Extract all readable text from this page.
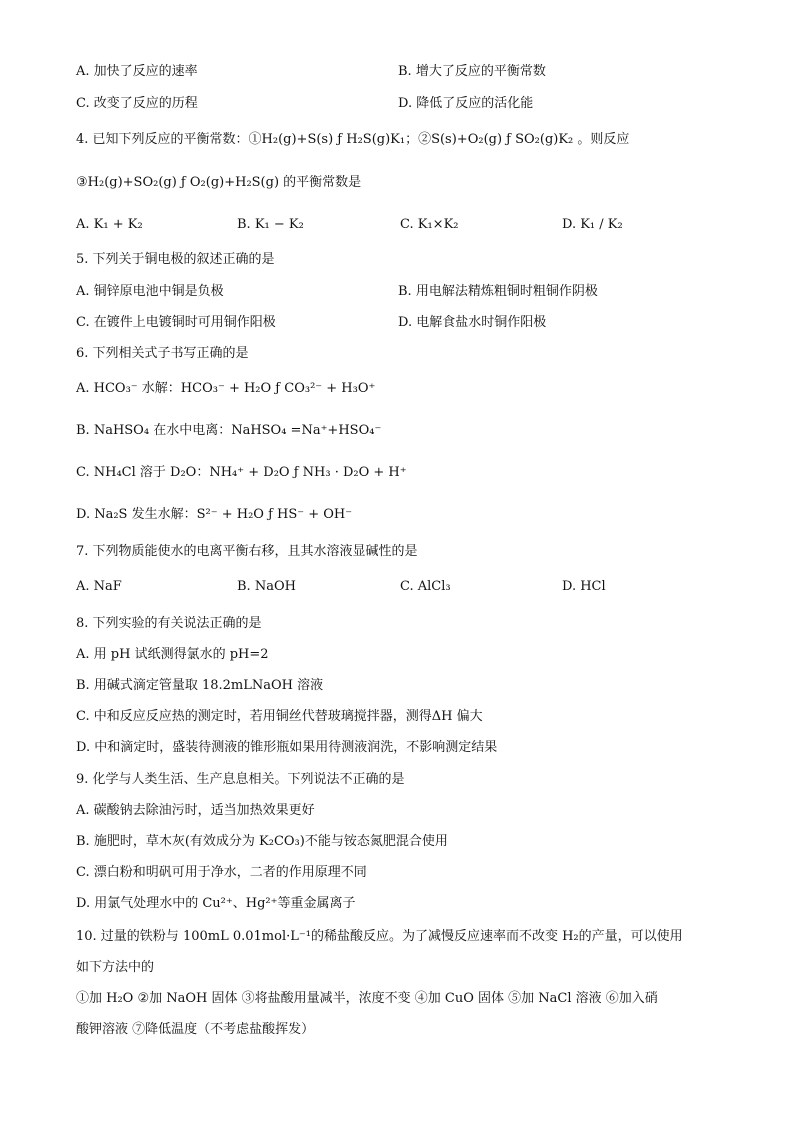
A. 加快了反应的速率	B. 增大了反应的平衡常数
C. 改变了反应的历程	D. 降低了反应的活化能
4. 已知下列反应的平衡常数：①H₂(g)+S(s) ƒ H₂S(g)K₁；②S(s)+O₂(g) ƒ SO₂(g)K₂ 。则反应
③H₂(g)+SO₂(g) ƒ O₂(g)+H₂S(g) 的平衡常数是
A. K₁ + K₂	B. K₁ − K₂	C. K₁×K₂	D. K₁ / K₂
5. 下列关于铜电极的叙述正确的是
A. 铜锌原电池中铜是负极	B. 用电解法精炼粗铜时粗铜作阴极
C. 在镀件上电镀铜时可用铜作阳极	D. 电解食盐水时铜作阳极
6. 下列相关式子书写正确的是
A. HCO₃⁻ 水解：HCO₃⁻ + H₂O ƒ CO₃²⁻ + H₃O⁺
B. NaHSO₄ 在水中电离：NaHSO₄ =Na⁺+HSO₄⁻
C. NH₄Cl 溶于 D₂O：NH₄⁺ + D₂O ƒ NH₃ · D₂O + H⁺
D. Na₂S 发生水解：S²⁻ + H₂O ƒ HS⁻ + OH⁻
7. 下列物质能使水的电离平衡右移，且其水溶液显碱性的是
A. NaF	B. NaOH	C. AlCl₃	D. HCl
8. 下列实验的有关说法正确的是
A. 用 pH 试纸测得氯水的 pH=2
B. 用碱式滴定管量取 18.2mLNaOH 溶液
C. 中和反应反应热的测定时，若用铜丝代替玻璃搅拌器，测得ΔH 偏大
D. 中和滴定时，盛装待测液的锥形瓶如果用待测液润洗，不影响测定结果
9. 化学与人类生活、生产息息相关。下列说法不正确的是
A. 碳酸钠去除油污时，适当加热效果更好
B. 施肥时，草木灰(有效成分为 K₂CO₃)不能与铵态氮肥混合使用
C. 漂白粉和明矾可用于净水，二者的作用原理不同
D. 用氯气处理水中的 Cu²⁺、Hg²⁺等重金属离子
10. 过量的铁粉与 100mL 0.01mol·L⁻¹的稀盐酸反应。为了减慢反应速率而不改变 H₂的产量，可以使用
如下方法中的
①加 H₂O ②加 NaOH 固体 ③将盐酸用量减半，浓度不变 ④加 CuO 固体 ⑤加 NaCl 溶液 ⑥加入硝
酸钾溶液 ⑦降低温度（不考虑盐酸挥发）
